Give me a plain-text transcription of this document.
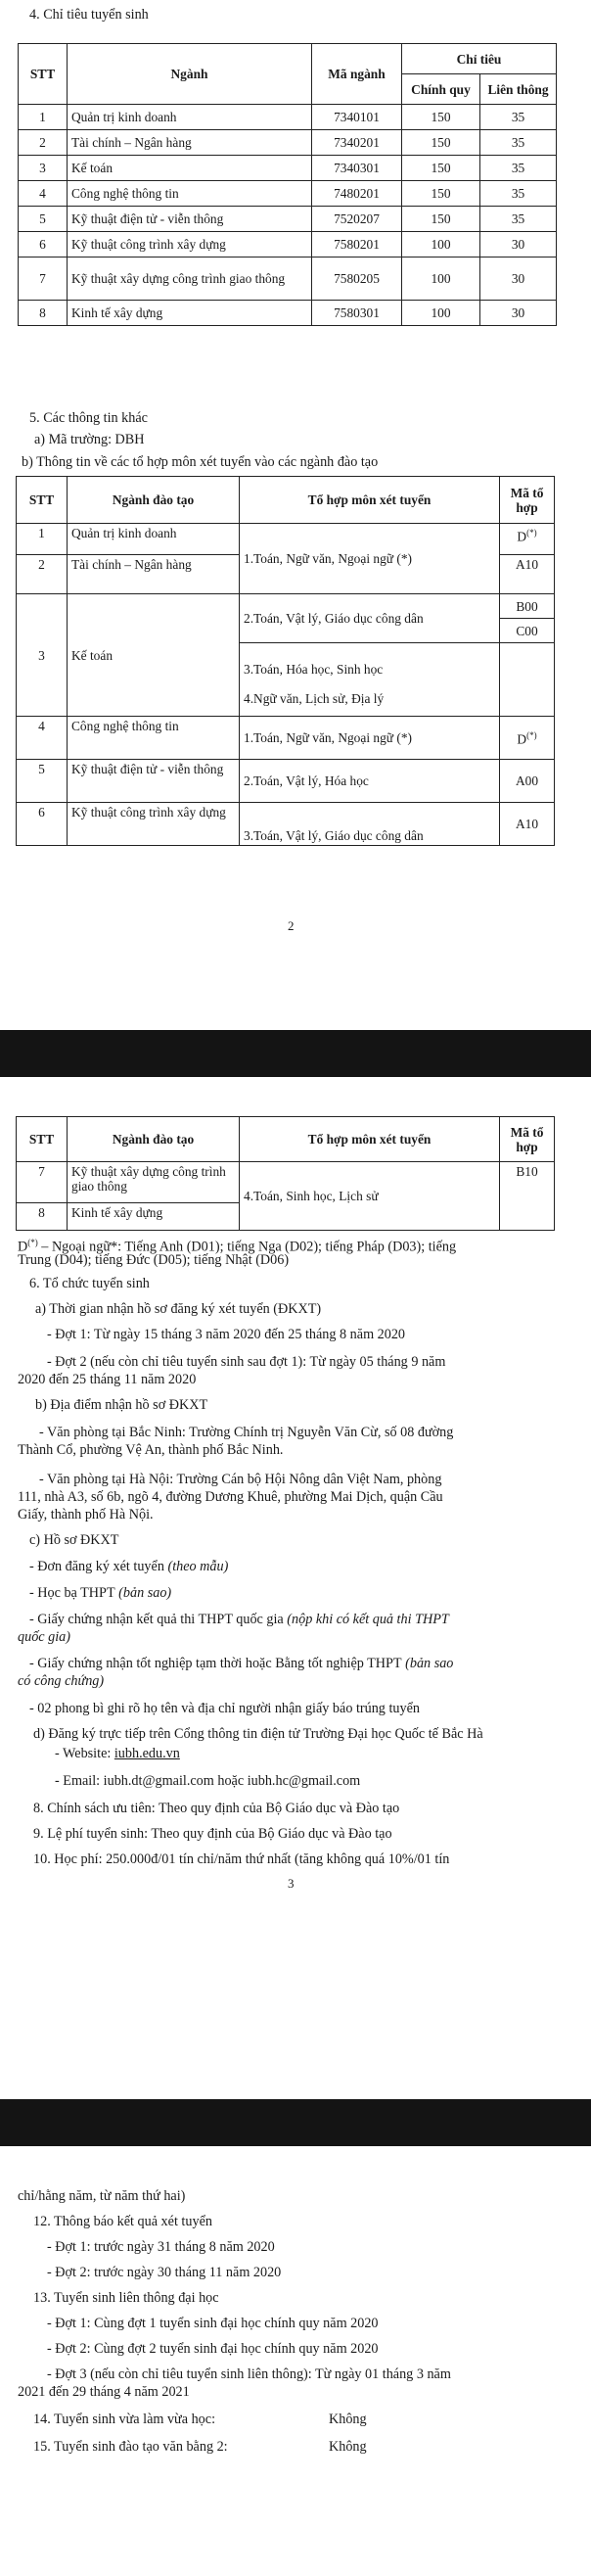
4. Chỉ tiêu tuyển sinh
STT	Ngành	Mã ngành	Chỉ tiêu	
			Chính quy	Liên thông
1	Quản trị kinh doanh	7340101	150	35
2	Tài chính – Ngân hàng	7340201	150	35
3	Kế toán	7340301	150	35
4	Công nghệ thông tin	7480201	150	35
5	Kỹ thuật điện tử - viễn thông	7520207	150	35
6	Kỹ thuật công trình xây dựng	7580201	100	30
7	Kỹ thuật xây dựng công trình giao thông	7580205	100	30
8	Kinh tế xây dựng	7580301	100	30
5. Các thông tin khác
a) Mã trường: DBH
b) Thông tin về các tổ hợp môn xét tuyển vào các ngành đào tạo
STT	Ngành đào tạo	Tổ hợp môn xét tuyển	Mã tổ hợp
1	Quản trị kinh doanh	1.Toán, Ngữ văn, Ngoại ngữ (*)	D(*)
2	Tài chính – Ngân hàng		A10
3	Kế toán	2.Toán, Vật lý, Giáo dục công dân	B00
			C00

		3.Toán, Hóa học, Sinh học
4.Ngữ văn, Lịch sử, Địa lý	

4	Công nghệ thông tin	1.Toán, Ngữ văn, Ngoại ngữ (*)	D(*)
5	Kỹ thuật điện tử - viễn thông	2.Toán, Vật lý, Hóa học	A00
6	Kỹ thuật công trình xây dựng	3.Toán, Vật lý, Giáo dục công dân	A10
2
STT	Ngành đào tạo	Tổ hợp môn xét tuyển	Mã tổ hợp
7	Kỹ thuật xây dựng công trình giao thông	4.Toán, Sinh học, Lịch sử	B10
8	Kinh tế xây dựng		
D(*) – Ngoại ngữ*: Tiếng Anh (D01); tiếng Nga (D02); tiếng Pháp (D03); tiếng
Trung (D04); tiếng Đức (D05); tiếng Nhật (D06)
6. Tổ chức tuyển sinh
a) Thời gian nhận hồ sơ đăng ký xét tuyển (ĐKXT)
- Đợt 1: Từ ngày 15 tháng 3 năm 2020 đến 25 tháng 8 năm 2020
- Đợt 2 (nếu còn chỉ tiêu tuyển sinh sau đợt 1): Từ ngày 05 tháng 9 năm
2020 đến 25 tháng 11 năm 2020
b) Địa điểm nhận hồ sơ ĐKXT
- Văn phòng tại Bắc Ninh: Trường Chính trị Nguyễn Văn Cừ, số 08 đường
Thành Cổ, phường Vệ An, thành phố Bắc Ninh.
- Văn phòng tại Hà Nội: Trường Cán bộ Hội Nông dân Việt Nam, phòng
111, nhà A3, số 6b, ngõ 4, đường Dương Khuê, phường Mai Dịch, quận Cầu
Giấy, thành phố Hà Nội.
c) Hồ sơ ĐKXT
- Đơn đăng ký xét tuyển (theo mẫu)
- Học bạ THPT (bản sao)
- Giấy chứng nhận kết quả thi THPT quốc gia (nộp khi có kết quả thi THPT
quốc gia)
- Giấy chứng nhận tốt nghiệp tạm thời hoặc Bằng tốt nghiệp THPT (bản sao
có công chứng)
- 02 phong bì ghi rõ họ tên và địa chỉ người nhận giấy báo trúng tuyển
d) Đăng ký trực tiếp trên Cổng thông tin điện tử Trường Đại học Quốc tế Bắc Hà
- Website: iubh.edu.vn
- Email: iubh.dt@gmail.com hoặc iubh.hc@gmail.com
8. Chính sách ưu tiên: Theo quy định của Bộ Giáo dục và Đào tạo
9. Lệ phí tuyển sinh: Theo quy định của Bộ Giáo dục và Đào tạo
10. Học phí: 250.000đ/01 tín chỉ/năm thứ nhất (tăng không quá 10%/01 tín
3
chỉ/hằng năm, từ năm thứ hai)
12. Thông báo kết quả xét tuyển
- Đợt 1: trước ngày 31 tháng 8 năm 2020
- Đợt 2: trước ngày 30 tháng 11 năm 2020
13. Tuyển sinh liên thông đại học
- Đợt 1: Cùng đợt 1 tuyển sinh đại học chính quy năm 2020
- Đợt 2: Cùng đợt 2 tuyển sinh đại học chính quy năm 2020
- Đợt 3 (nếu còn chỉ tiêu tuyển sinh liên thông): Từ ngày 01 tháng 3 năm
2021 đến 29 tháng 4 năm 2021
14. Tuyển sinh vừa làm vừa học:	Không
15. Tuyển sinh đào tạo văn bằng 2:	Không
